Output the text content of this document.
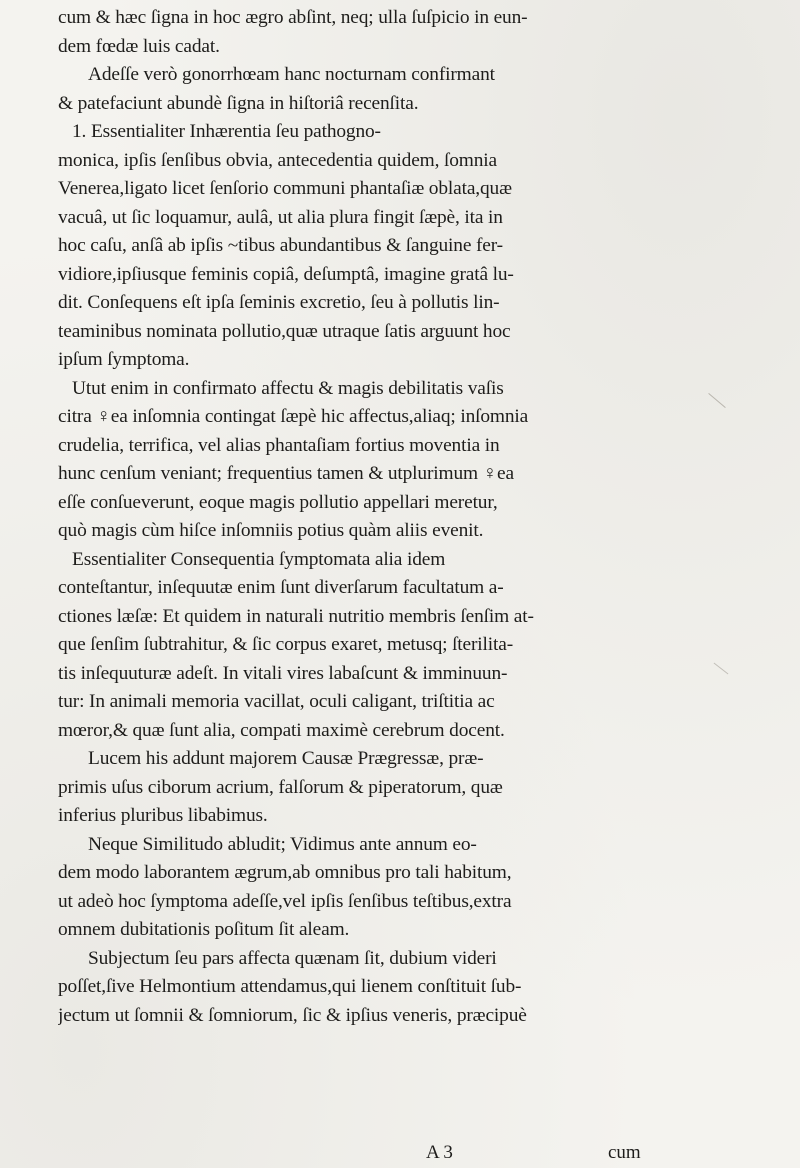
cum & hæc ſigna in hoc ægro abſint, neq; ulla ſuſpicio in eun-
dem fœdæ luis cadat.
Adeſſe verò gonorrhœam hanc nocturnam confirmant
& patefaciunt abundè ſigna in hiſtoriâ recenſita.
1. Essentialiter Inhærentia ſeu pathogno-
monica, ipſis ſenſibus obvia, antecedentia quidem, ſomnia
Venerea,ligato licet ſenſorio communi phantaſiæ oblata,quæ
vacuâ, ut ſic loquamur, aulâ, ut alia plura fingit ſæpè, ita in
hoc caſu, anſâ ab ipſis ~tibus abundantibus & ſanguine fer-
vidiore,ipſiusque feminis copiâ, deſumptâ, imagine gratâ lu-
dit. Conſequens eſt ipſa ſeminis excretio, ſeu à pollutis lin-
teaminibus nominata pollutio,quæ utraque ſatis arguunt hoc
ipſum ſymptoma.
Utut enim in confirmato affectu & magis debilitatis vaſis
citra ♀ea inſomnia contingat ſæpè hic affectus,aliaq; inſomnia
crudelia, terrifica, vel alias phantaſiam fortius moventia in
hunc cenſum veniant; frequentius tamen & utplurimum ♀ea
eſſe conſueverunt, eoque magis pollutio appellari meretur,
quò magis cùm hiſce inſomniis potius quàm aliis evenit.
Essentialiter Consequentia ſymptomata alia idem
conteſtantur, inſequutæ enim ſunt diverſarum facultatum a-
ctiones læſæ: Et quidem in naturali nutritio membris ſenſim at-
que ſenſim ſubtrahitur, & ſic corpus exaret, metusq; ſterilita-
tis inſequuturæ adeſt. In vitali vires labaſcunt & imminuun-
tur: In animali memoria vacillat, oculi caligant, triſtitia ac
mœror,& quæ ſunt alia, compati maximè cerebrum docent.
Lucem his addunt majorem Causæ Prægressæ, præ-
primis uſus ciborum acrium, falſorum & piperatorum, quæ
inferius pluribus libabimus.
Neque Similitudo abludit; Vidimus ante annum eo-
dem modo laborantem ægrum,ab omnibus pro tali habitum,
ut adeò hoc ſymptoma adeſſe,vel ipſis ſenſibus teſtibus,extra
omnem dubitationis poſitum ſit aleam.
Subjectum ſeu pars affecta quænam ſit, dubium videri
poſſet,ſive Helmontium attendamus,qui lienem conſtituit ſub-
jectum ut ſomnii & ſomniorum, ſic & ipſius veneris, præcipuè
A 3	cum
